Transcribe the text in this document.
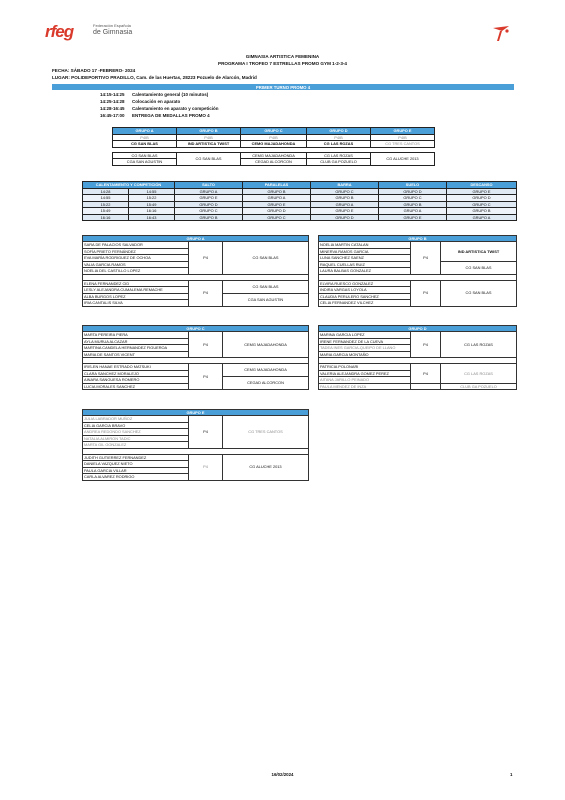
rfeg	Federación Española
de Gimnasia
GIMNASIA ARTISTICA FEMENINA
PROGRAMA I TROFEO 7 ESTRELLAS PROMO GYM 1-2-3-4
FECHA: SÁBADO 17 -FEBRERO- 2024
LUGAR: POLIDEPORTIVO PRADILLO, Cam. de las Huertas, 28223 Pozuelo de Alarcón, Madrid
PRIMER TURNO PROMO 4
14:15-14:25 Calentamiento general (10 minutos)
14:25-14:28 Colocación en aparato
14:28-16:45 Calentamiento en aparato y competición
16:45-17:00 ENTREGA DE MEDALLAS PROMO 4
GRUPO A	GRUPO B	GRUPO C	GRUPO D	GRUPO E
P4IB	P4IB	P4IB	P4IB	P4IB
CG SAN BLAS	IND ARTISTICA TWIST	CEMG MAJADAHONDA	CG LAS ROZAS	CG TRES CANTOS

CG SAN BLAS	CG SAN BLAS	CEMG MAJADAHONDA	CG LAS ROZAS	CG ALUCHE 2013
CGA SAN AGUSTIN		CEGAD ALCORCON	CLUB GA POZUELO	
CALENTAMIENTO Y COMPETICIÓN		SALTO	PARALELAS	BARRA	SUELO	DESCANSO
14:28	14:55	GRUPO A	GRUPO B	GRUPO C	GRUPO D	GRUPO E
14:55	15:22	GRUPO E	GRUPO A	GRUPO B	GRUPO C	GRUPO D
15:22	15:49	GRUPO D	GRUPO E	GRUPO A	GRUPO B	GRUPO C
15:49	16:16	GRUPO C	GRUPO D	GRUPO E	GRUPO A	GRUPO B
16:16	16:43	GRUPO B	GRUPO C	GRUPO D	GRUPO E	GRUPO A
GRUPO A		
SARA DE PALACIOS SALVADOR	P4	CG SAN BLAS
SOFÍA PRIETO FERNÁNDEZ		
EVA MARÍA RODRIGUEZ DE OCHOA		
VALIA GARCIA RAMOS		
NOELIA DEL CASTILLO LOPEZ		

ELENA FERNANDEZ CID	P4	CG SAN BLAS
LESLY ALEJANDRA CUMALEMA REMACHE		
ALBA BURGOS LOPEZ		CGA SAN AGUSTIN
IRIA CANTALIS SILVA		
GRUPO B		
NOELIA MARTIN CATALAN	P4	IND ARTISTICA TWIST
MINERVA RAMOS GARCIA		
LUNA SANCHEZ SAENZ		
RAQUEL CUELLAS RUIZ		CG SAN BLAS
LAURA BALBAS GONZALEZ		

ELVIRA RUESCO GONZALEZ	P4	CG SAN BLAS
INDIRA VARGAS LOYOLA		
CLAUDIA PERULERO SANCHEZ		
CELIA FERNANDEZ VILCHEZ		
GRUPO C		
MARTA PEREIRA PIERA	P4	CEMG MAJADAHONDA
AYLA MURUA ALCAZAR		
MARTINA CANDELA HERNANDEZ FIGUEROA		
MARIA DE SANTOS VICENT		

IRIS-EN HANAE ESTRADO MATSUKI	P4	CEMG MAJADAHONDA
CLARA SANCHEZ MORALEJO		
AINARA SANGUESA ROMERO		CEGAD ALCORCON
LUCIA MORALES SANCHEZ		
GRUPO D		
MARINA GARCIA LOPEZ	P4	CG LAS ROZAS
IRENE FERNANDEZ DE LA CUEVA		
TADEA INES GARCIA-QUEIPO DE LLANO		
MARIA GARCIA MONTAÑO		

PATRICIA POLONARI	P4	CG LAS ROZAS
VALERIA ALEJANDRA GOMEZ PEREZ		
AITANA JARILLO PEINADO		
PAULA MENDEZ DE INZA		CLUB GA POZUELO
GRUPO E		
JULIA LABRADOR MUÑOZ	P4	CG TRES CANTOS
CELIA GARCIA BRAVO		
ANDREA REDONDO SANCHEZ		
NATALIA ALMIRON TADIC		
MARTA GIL GONZALEZ		

JUDITH GUTIERREZ FERNANDEZ	P4	CG ALUCHE 2013
DANIELA VAZQUEZ NIETO		
PAULA GARCIA VILLAR		
CARLA ALVAREZ RODRIGO		
16/02/2024	1
